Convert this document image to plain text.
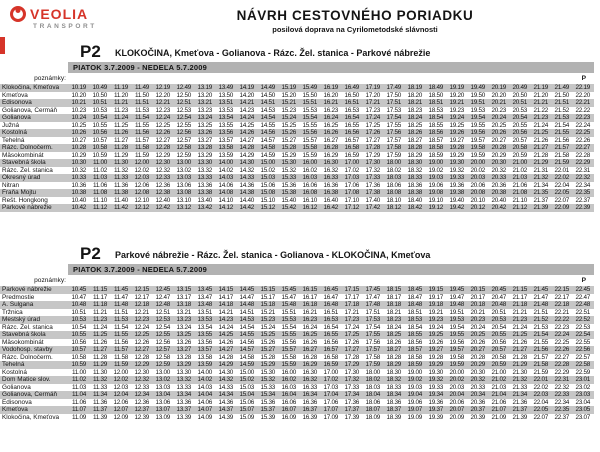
VEOLIA
TRANSPORT
NÁVRH CESTOVNÉHO PORIADKU
posilová doprava na Cyrilometodské slávnosti
P2 KLOKOČINA, Kmeťova - Golianova - Rázc. Žel. stanica - Parkové nábrežie
PIATOK 3.7.2009 - NEDEĽA 5.7.2009
poznámky:	P
Klokočina, Kmeťova	10.19	10.49	11.19	11.49	12.19	12.49	13.19	13.49	14.19	14.49	15.19	15.49	16.19	16.49	17.19	17.49	18.19	18.49	19.19	19.49	20.19	20.49	21.19	21.49	22.19
Kmeťova	10.20	10.50	11.20	11.50	12.20	12.50	13.20	13.50	14.20	14.50	15.20	15.50	16.20	16.50	17.20	17.50	18.20	18.50	19.20	19.50	20.20	20.50	21.20	21.50	22.20
Edisonova	10.21	10.51	11.21	11.51	12.21	12.51	13.21	13.51	14.21	14.51	15.21	15.51	16.21	16.51	17.21	17.51	18.21	18.51	19.21	19.51	20.21	20.51	21.21	21.51	22.21
Golianova, Čermáň	10.23	10.53	11.23	11.53	12.23	12.53	13.23	13.53	14.23	14.53	15.23	15.53	16.23	16.53	17.23	17.53	18.23	18.53	19.23	19.53	20.23	20.53	21.22	21.52	22.22
Golianova	10.24	10.54	11.24	11.54	12.24	12.54	13.24	13.54	14.24	14.54	15.24	15.54	16.24	16.54	17.24	17.54	18.24	18.54	19.24	19.54	20.24	20.54	21.23	21.53	22.23
Južná	10.25	10.55	11.25	11.55	12.25	12.55	13.25	13.55	14.25	14.55	15.25	15.55	16.25	16.55	17.25	17.55	18.25	18.55	19.25	19.55	20.25	20.55	21.24	21.54	22.24
Kostolná	10.26	10.56	11.26	11.56	12.26	12.56	13.26	13.56	14.26	14.56	15.26	15.56	16.26	16.56	17.26	17.56	18.26	18.56	19.26	19.56	20.26	20.56	21.25	21.55	22.25
Tehelná	10.27	10.57	11.27	11.57	12.27	12.57	13.27	13.57	14.27	14.57	15.27	15.57	16.27	16.57	17.27	17.57	18.27	18.57	19.27	19.57	20.27	20.57	21.26	21.56	22.26
Rázc. Dolnočerm.	10.28	10.58	11.28	11.58	12.28	12.58	13.28	13.58	14.28	14.58	15.28	15.58	16.28	16.58	17.28	17.58	18.28	18.58	19.28	19.58	20.28	20.58	21.27	21.57	22.27
Mäsokombinát	10.29	10.59	11.29	11.59	12.29	12.59	13.29	13.59	14.29	14.59	15.29	15.59	16.29	16.59	17.29	17.59	18.29	18.59	19.29	19.59	20.29	20.59	21.28	21.58	22.28
Stavebná škola	10.30	11.00	11.30	12.00	12.30	13.00	13.30	14.00	14.30	15.00	15.30	16.00	16.30	17.00	17.30	18.00	18.30	19.00	19.30	20.00	20.30	21.00	21.29	21.59	22.29
Rázc. Žel. stanica	10.32	11.02	11.32	12.02	12.32	13.02	13.32	14.02	14.32	15.02	15.32	16.02	16.32	17.02	17.32	18.02	18.32	19.02	19.32	20.02	20.32	21.02	21.31	22.01	22.31
Okresný úrad	10.33	11.03	11.33	12.03	12.33	13.03	13.33	14.03	14.33	15.03	15.33	16.03	16.33	17.03	17.33	18.03	18.33	19.03	19.33	20.03	20.33	21.03	21.32	22.02	22.32
Nitran	10.36	11.06	11.36	12.06	12.36	13.06	13.36	14.06	14.36	15.06	15.36	16.06	16.36	17.06	17.36	18.06	18.36	19.06	19.36	20.06	20.36	21.06	21.34	22.04	22.34
Fraňa Mojtu	10.38	11.08	11.38	12.08	12.38	13.08	13.38	14.08	14.38	15.08	15.38	16.08	16.38	17.08	17.38	18.08	18.38	19.08	19.38	20.08	20.38	21.08	21.35	22.05	22.35
Rešt. Hongkong	10.40	11.10	11.40	12.10	12.40	13.10	13.40	14.10	14.40	15.10	15.40	16.10	16.40	17.10	17.40	18.10	18.40	19.10	19.40	20.10	20.40	21.10	21.37	22.07	22.37
Parkové nábrežie	10.42	11.12	11.42	12.12	12.42	13.12	13.42	14.12	14.42	15.12	15.42	16.12	16.42	17.12	17.42	18.12	18.42	19.12	19.42	20.12	20.42	21.12	21.39	22.09	22.39
P2 Parkové nábrežie - Rázc. Žel. stanica - Golianova - KLOKOČINA, Kmeťova
PIATOK 3.7.2009 - NEDEĽA 5.7.2009
poznámky:	P
Parkové nábrežie	10.45	11.15	11.45	12.15	12.45	13.15	13.45	14.15	14.45	15.15	15.45	16.15	16.45	17.15	17.45	18.15	18.45	19.15	19.45	20.15	20.45	21.15	21.45	22.15	22.45
Predmostie	10.47	11.17	11.47	12.17	12.47	13.17	13.47	14.17	14.47	15.17	15.47	16.17	16.47	17.17	17.47	18.17	18.47	19.17	19.47	20.17	20.47	21.17	21.47	22.17	22.47
A. Šulgana	10.48	11.18	11.48	12.18	12.48	13.18	13.48	14.18	14.48	15.18	15.48	16.18	16.48	17.18	17.48	18.18	18.48	19.18	19.48	20.18	20.48	21.18	21.48	22.18	22.48
Tržnica	10.51	11.21	11.51	12.21	12.51	13.21	13.51	14.21	14.51	15.21	15.51	16.21	16.51	17.21	17.51	18.21	18.51	19.21	19.51	20.21	20.51	21.21	21.51	22.21	22.51
Mestský úrad	10.53	11.23	11.53	12.23	12.53	13.23	13.53	14.23	14.53	15.23	15.53	16.23	16.53	17.23	17.53	18.23	18.53	19.23	19.53	20.23	20.53	21.23	21.52	22.22	22.52
Rázc. Žel. stanica	10.54	11.24	11.54	12.24	12.54	13.24	13.54	14.24	14.54	15.24	15.54	16.24	16.54	17.24	17.54	18.24	18.54	19.24	19.54	20.24	20.54	21.24	21.53	22.23	22.53
Stavebná škola	10.55	11.25	11.55	12.25	12.55	13.25	13.55	14.25	14.55	15.25	15.55	16.25	16.55	17.25	17.55	18.25	18.55	19.25	19.55	20.25	20.55	21.25	21.54	22.24	22.54
Mäsokombinát	10.56	11.26	11.56	12.26	12.56	13.26	13.56	14.26	14.56	15.26	15.56	16.26	16.56	17.26	17.56	18.26	18.56	19.26	19.56	20.26	20.56	21.26	21.55	22.25	22.55
Vodohosp. stavby	10.57	11.27	11.57	12.27	12.57	13.27	13.57	14.27	14.57	15.27	15.57	16.27	16.57	17.27	17.57	18.27	18.57	19.27	19.57	20.27	20.57	21.27	21.56	22.26	22.56
Rázc. Dolnočerm.	10.58	11.28	11.58	12.28	12.58	13.28	13.58	14.28	14.58	15.28	15.58	16.28	16.58	17.28	17.58	18.28	18.58	19.28	19.58	20.28	20.58	21.28	21.57	22.27	22.57
Tehelná	10.59	11.29	11.59	12.29	12.59	13.29	13.59	14.29	14.59	15.29	15.59	16.29	16.59	17.29	17.59	18.29	18.59	19.29	19.59	20.29	20.59	21.29	21.58	22.28	22.58
Kostolná	11.00	11.30	12.00	12.30	13.00	13.30	14.00	14.30	15.00	15.30	16.00	16.30	17.00	17.30	18.00	18.30	19.00	19.30	20.00	20.30	21.00	21.30	21.59	22.29	22.59
Dom Matice slov.	11.02	11.32	12.02	12.32	13.02	13.32	14.02	14.32	15.02	15.32	16.02	16.32	17.02	17.32	18.02	18.32	19.02	19.32	20.02	20.32	21.02	21.32	22.01	22.31	23.01
Golianova	11.03	11.33	12.03	12.33	13.03	13.33	14.03	14.33	15.03	15.33	16.03	16.33	17.03	17.33	18.03	18.33	19.03	19.33	20.03	20.33	21.03	21.33	22.02	22.32	23.02
Golianova, Čermáň	11.04	11.34	12.04	12.34	13.04	13.34	14.04	14.34	15.04	15.34	16.04	16.34	17.04	17.34	18.04	18.34	19.04	19.34	20.04	20.34	21.04	21.34	22.03	22.33	23.03
Edisonova	11.06	11.36	12.06	12.36	13.06	13.36	14.06	14.36	15.06	15.36	16.06	16.36	17.06	17.36	18.06	18.36	19.06	19.36	20.06	20.36	21.06	21.36	22.04	22.34	23.04
Kmeťova	11.07	11.37	12.07	12.37	13.07	13.37	14.07	14.37	15.07	15.37	16.07	16.37	17.07	17.37	18.07	18.37	19.07	19.37	20.07	20.37	21.07	21.37	22.05	22.35	23.05
Klokočina, Kmeťova	11.09	11.39	12.09	12.39	13.09	13.39	14.09	14.39	15.09	15.39	16.09	16.39	17.09	17.39	18.09	18.39	19.09	19.39	20.09	20.39	21.09	21.39	22.07	22.37	23.07
